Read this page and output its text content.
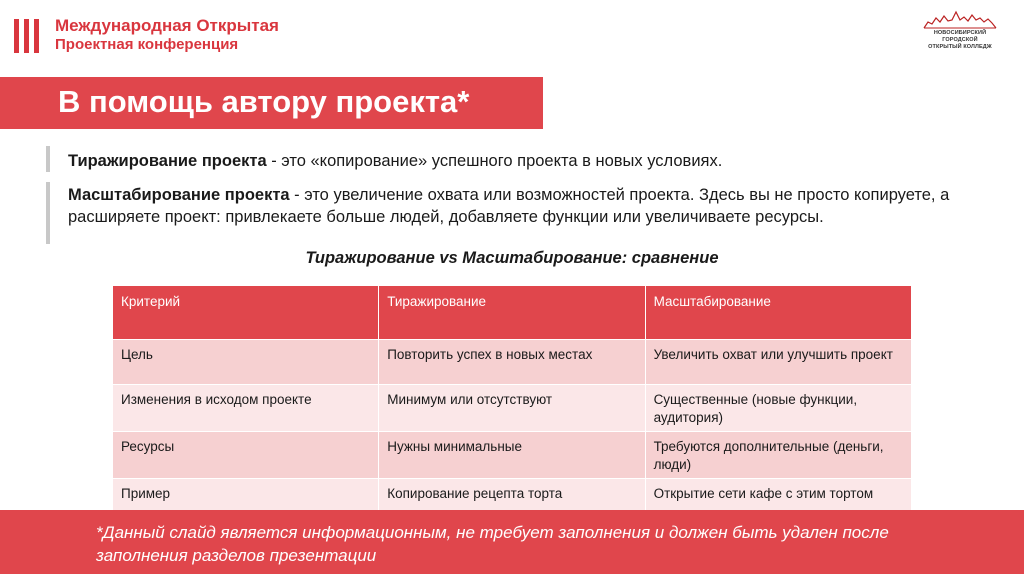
Международная Открытая
Проектная конференция
НОВОСИБИРСКИЙ ГОРОДСКОЙ
ОТКРЫТЫЙ КОЛЛЕДЖ
В помощь автору проекта*
Тиражирование проекта - это «копирование» успешного проекта в новых условиях.
Масштабирование проекта - это увеличение охвата или возможностей проекта. Здесь вы не просто копируете, а расширяете проект: привлекаете больше людей, добавляете функции или увеличиваете ресурсы.
Тиражирование vs Масштабирование: сравнение
Критерий	Тиражирование	Масштабирование
Цель	Повторить успех в новых местах	Увеличить охват или улучшить проект
Изменения в исходом проекте	Минимум или отсутствуют	Существенные (новые функции, аудитория)
Ресурсы	Нужны минимальные	Требуются дополнительные (деньги, люди)
Пример	Копирование рецепта торта	Открытие сети кафе с этим тортом

*Данный слайд является информационным, не требует заполнения и должен быть удален после заполнения разделов презентации
